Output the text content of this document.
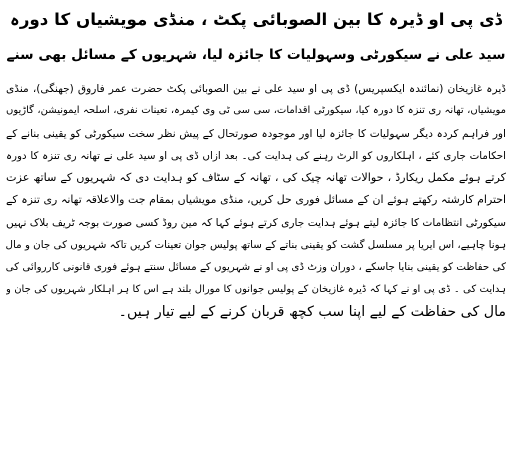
ڈی پی او ڈیرہ کا بین الصوبائی پکٹ ، منڈی مویشیاں کا دورہ
سید علی نے سیکورٹی وسہولیات کا جائزہ لیا، شہریوں کے مسائل بھی سنے
ڈیرہ غازیخان (نمائندہ ایکسپریس) ڈی پی او سید علی نے بین الصوبائی پکٹ حضرت عمر فاروق (جھنگی)، منڈی
مویشیاں، تھانہ ری تنزہ کا دورہ کیا، سیکورٹی اقدامات، سی سی ٹی وی کیمرہ، تعینات نفری، اسلحہ ایمونیشن، گاڑیوں
اور فراہم کردہ دیگر سہولیات کا جائزہ لیا اور موجودہ صورتحال کے پیش نظر سخت سیکورٹی کو یقینی بنانے کے
احکامات جاری کئے ، اہلکاروں کو الرٹ رہنے کی ہدایت کی۔ بعد ازاں ڈی پی او سید علی نے تھانہ ری تنزہ کا دورہ
کرتے ہوئے مکمل ریکارڈ ، حوالات تھانہ چیک کی ، تھانہ کے سٹاف کو ہدایت دی کہ شہریوں کے ساتھ عزت
احترام کارشتہ رکھتے ہوئے ان کے مسائل فوری حل کریں، منڈی مویشیاں بمقام جت والاعلاقہ تھانہ ری تنزہ کے
سیکورٹی انتظامات کا جائزہ لیتے ہوئے ہدایت جاری کرتے ہوئے کہا کہ مین روڈ کسی صورت بوجہ ٹریف بلاک نہیں
ہونا چاہیے، اس ایریا پر مسلسل گشت کو یقینی بناتے کے ساتھ پولیس جوان تعینات کریں تاکہ شہریوں کی جان و مال
کی حفاظت کو یقینی بنایا جاسکے ، دوران وزٹ ڈی پی او نے شہریوں کے مسائل سنتے ہوئے فوری قانونی کارروائی کی
ہدایت کی ۔ ڈی پی او نے کہا کہ ڈیرہ غازیخان کے پولیس جوانوں کا مورال بلند ہے اس کا ہر اہلکار شہریوں کی جان و
مال کی حفاظت کے لیے اپنا سب کچھ قربان کرنے کے لیے تیار ہیں۔
